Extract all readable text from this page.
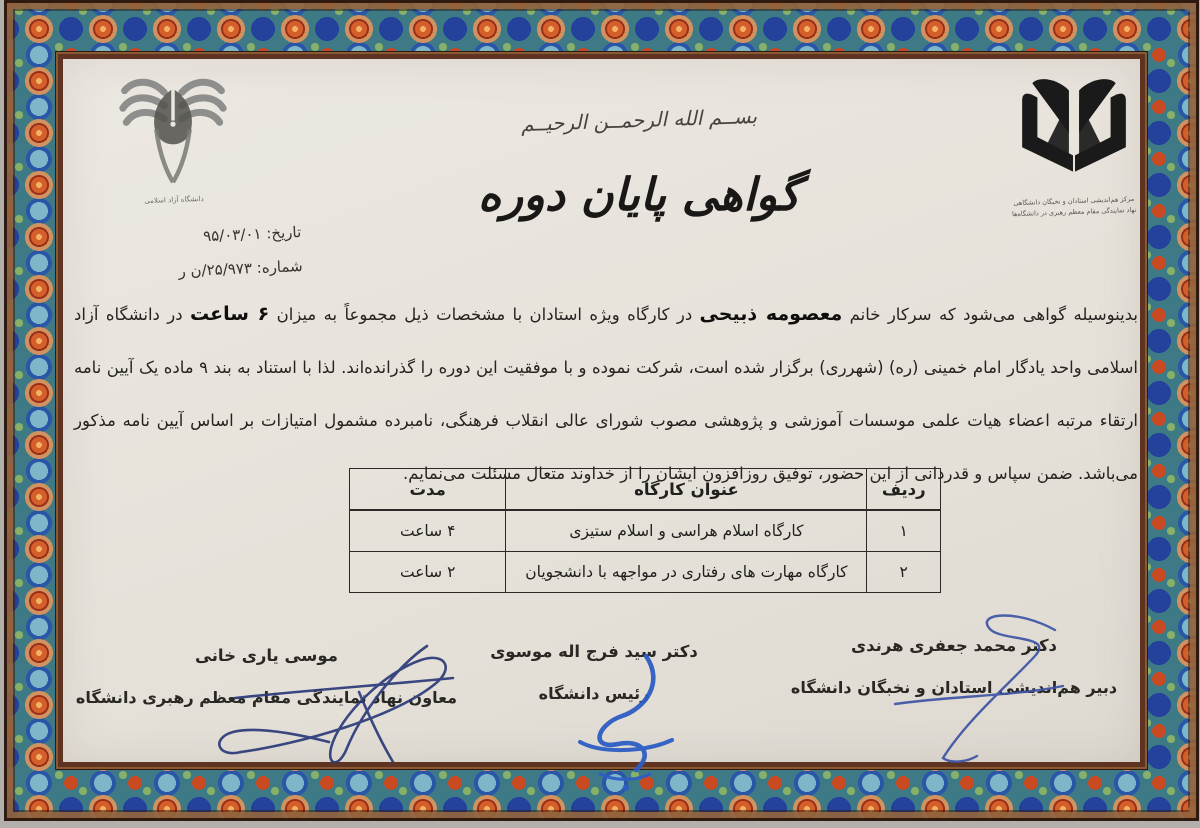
دانشگاه آزاد اسلامی
تاریخ: ۹۵/۰۳/۰۱
شماره: ۲۵/۹۷۳/ن ر
بســم الله الرحمــن الرحیــم
گواهی پایان دوره	مرکز هم‌اندیشی استادان و نخبگان دانشگاهی
نهاد نمایندگی مقام معظم رهبری در دانشگاه‌ها

بدینوسیله گواهی می‌شود که سرکار خانم معصومه ذبیحی در کارگاه ویژه استادان با مشخصات ذیل مجموعاً به میزان ۶ ساعت در دانشگاه آزاد اسلامی واحد یادگار امام خمینی (ره) (شهرری) برگزار شده است، شرکت نموده و با موفقیت این دوره را گذرانده‌اند. لذا با استناد به بند ۹ ماده یک آیین نامه ارتقاء مرتبه اعضاء هیات علمی موسسات آموزشی و پژوهشی مصوب شورای عالی انقلاب فرهنگی، نامبرده مشمول امتیازات بر اساس آیین نامه مذکور می‌باشد. ضمن سپاس و قدردانی از این حضور، توفیق روزافزون ایشان را از خداوند متعال مسئلت می‌نمایم.

ردیف	عنوان کارگاه	مدت
۱	کارگاه اسلام هراسی و اسلام ستیزی	۴ ساعت
۲	کارگاه مهارت های رفتاری در مواجهه با دانشجویان	۲ ساعت
دکتر محمد جعفری هرندی
دبیر هم‌اندیشی استادان و نخبگان دانشگاه
دکتر سید فرج اله موسوی
رئیس دانشگاه
موسی یاری خانی
معاون نهاد نمایندگی مقام معظم رهبری دانشگاه
